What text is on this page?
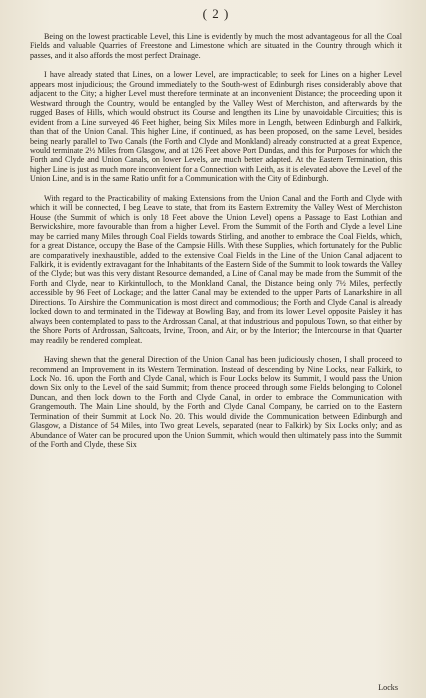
( 2 )

Being on the lowest practicable Level, this Line is evidently by much the most advantageous for all the Coal Fields and valuable Quarries of Freestone and Limestone which are situated in the Country through which it passes, and it also affords the most perfect Drainage.

I have already stated that Lines, on a lower Level, are impracticable; to seek for Lines on a higher Level appears most injudicious; the Ground immediately to the South-west of Edinburgh rises considerably above that adjacent to the City; a higher Level must therefore terminate at an inconvenient Distance; the proceeding upon it Westward through the Country, would be entangled by the Valley West of Merchiston, and afterwards by the rugged Bases of Hills, which would obstruct its Course and lengthen its Line by unavoidable Circuities; this is evident from a Line surveyed 46 Feet higher, being Six Miles more in Length, between Edinburgh and Falkirk, than that of the Union Canal. This higher Line, if continued, as has been proposed, on the same Level, besides being nearly parallel to Two Canals (the Forth and Clyde and Monkland) already constructed at a great Expence, would terminate 2½ Miles from Glasgow, and at 126 Feet above Port Dundas, and this for Purposes for which the Forth and Clyde and Union Canals, on lower Levels, are much better adapted. At the Eastern Termination, this higher Line is just as much more inconvenient for a Connection with Leith, as it is elevated above the Level of the Union Line, and is in the same Ratio unfit for a Communication with the City of Edinburgh.

With regard to the Practicability of making Extensions from the Union Canal and the Forth and Clyde with which it will be connected, I beg Leave to state, that from its Eastern Extremity the Valley West of Merchiston House (the Summit of which is only 18 Feet above the Union Level) opens a Passage to East Lothian and Berwickshire, more favourable than from a higher Level. From the Summit of the Forth and Clyde a level Line may be carried many Miles through Coal Fields towards Stirling, and another to embrace the Coal Fields, which, for a great Distance, occupy the Base of the Campsie Hills. With these Supplies, which fortunately for the Public are comparatively inexhaustible, added to the extensive Coal Fields in the Line of the Union Canal adjacent to Falkirk, it is evidently extravagant for the Inhabitants of the Eastern Side of the Summit to look towards the Valley of the Clyde; but was this very distant Resource demanded, a Line of Canal may be made from the Summit of the Forth and Clyde, near to Kirkintulloch, to the Monkland Canal, the Distance being only 7½ Miles, perfectly accessible by 96 Feet of Lockage; and the latter Canal may be extended to the upper Parts of Lanarkshire in all Directions. To Airshire the Communication is most direct and commodious; the Forth and Clyde Canal is already locked down to and terminated in the Tideway at Bowling Bay, and from its lower Level opposite Paisley it has always been contemplated to pass to the Ardrossan Canal, at that industrious and populous Town, so that either by the Shore Ports of Ardrossan, Saltcoats, Irvine, Troon, and Air, or by the Interior; the Intercourse in that Quarter may readily be rendered compleat.

Having shewn that the general Direction of the Union Canal has been judiciously chosen, I shall proceed to recommend an Improvement in its Western Termination. Instead of descending by Nine Locks, near Falkirk, to Lock No. 16. upon the Forth and Clyde Canal, which is Four Locks below its Summit, I would pass the Union down Six only to the Level of the said Summit; from thence proceed through some Fields belonging to Colonel Duncan, and then lock down to the Forth and Clyde Canal, in order to embrace the Communication with Grangemouth. The Main Line should, by the Forth and Clyde Canal Company, be carried on to the Eastern Termination of their Summit at Lock No. 20. This would divide the Communication between Edinburgh and Glasgow, a Distance of 54 Miles, into Two great Levels, separated (near to Falkirk) by Six Locks only; and as Abundance of Water can be procured upon the Union Summit, which would then ultimately pass into the Summit of the Forth and Clyde, these Six

Locks
